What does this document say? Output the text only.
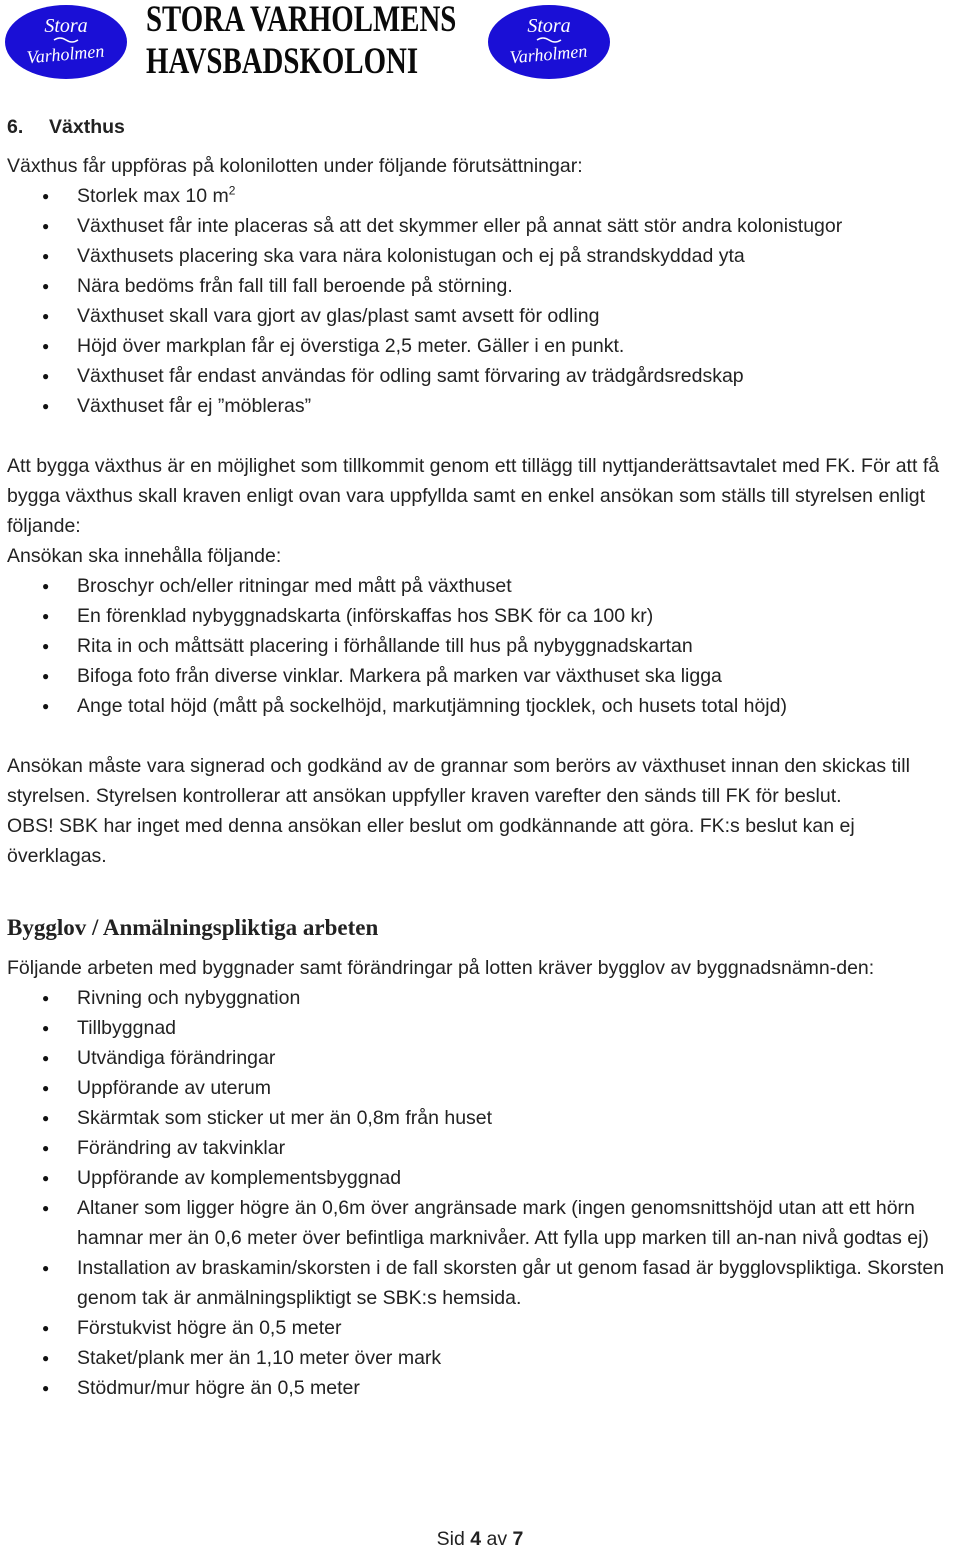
Stora
Varholmen
STORA VARHOLMENS
HAVSBADSKOLONI
Stora
Varholmen
6. Växthus

Växthus får uppföras på kolonilotten under följande förutsättningar:

● Storlek max 10 $m^2$
● Växthuset får inte placeras så att det skymmer eller på annat sätt stör andra kolonistugor
● Växthusets placering ska vara nära kolonistugan och ej på strandskyddad yta
● Nära bedöms från fall till fall beroende på störning.
● Växthuset skall vara gjort av glas/plast samt avsett för odling
● Höjd över markplan får ej överstiga 2,5 meter. Gäller i en punkt.
● Växthuset får endast användas för odling samt förvaring av trädgårdsredskap
● Växthuset får ej ”möbleras”

Att bygga växthus är en möjlighet som tillkommit genom ett tillägg till nyttjanderättsavtalet med FK. För att få bygga växthus skall kraven enligt ovan vara uppfyllda samt en enkel ansökan som ställs till styrelsen enligt följande:

Ansökan ska innehålla följande:

● Broschyr och/eller ritningar med mått på växthuset
● En förenklad nybyggnadskarta (införskaffas hos SBK för ca 100 kr)
● Rita in och måttsätt placering i förhållande till hus på nybyggnadskartan
● Bifoga foto från diverse vinklar. Markera på marken var växthuset ska ligga
● Ange total höjd (mått på sockelhöjd, markutjämning tjocklek, och husets total höjd)

Ansökan måste vara signerad och godkänd av de grannar som berörs av växthuset innan den skickas till styrelsen. Styrelsen kontrollerar att ansökan uppfyller kraven varefter den sänds till FK för beslut.

OBS! SBK har inget med denna ansökan eller beslut om godkännande att göra. FK:s beslut kan ej överklagas.

Bygglov / Anmälningspliktiga arbeten

Följande arbeten med byggnader samt förändringar på lotten kräver bygglov av byggnadsnämn-den:

● Rivning och nybyggnation
● Tillbyggnad
● Utvändiga förändringar
● Uppförande av uterum
● Skärmtak som sticker ut mer än 0,8m från huset
● Förändring av takvinklar
● Uppförande av komplementsbyggnad
● Altaner som ligger högre än 0,6m över angränsade mark (ingen genomsnittshöjd utan att ett hörn hamnar mer än 0,6 meter över befintliga marknivåer. Att fylla upp marken till an-nan nivå godtas ej)
● Installation av braskamin/skorsten i de fall skorsten går ut genom fasad är bygglovspliktiga. Skorsten genom tak är anmälningspliktigt se SBK:s hemsida.
● Förstukvist högre än 0,5 meter
● Staket/plank mer än 1,10 meter över mark
● Stödmur/mur högre än 0,5 meter
Sid 4 av 7
